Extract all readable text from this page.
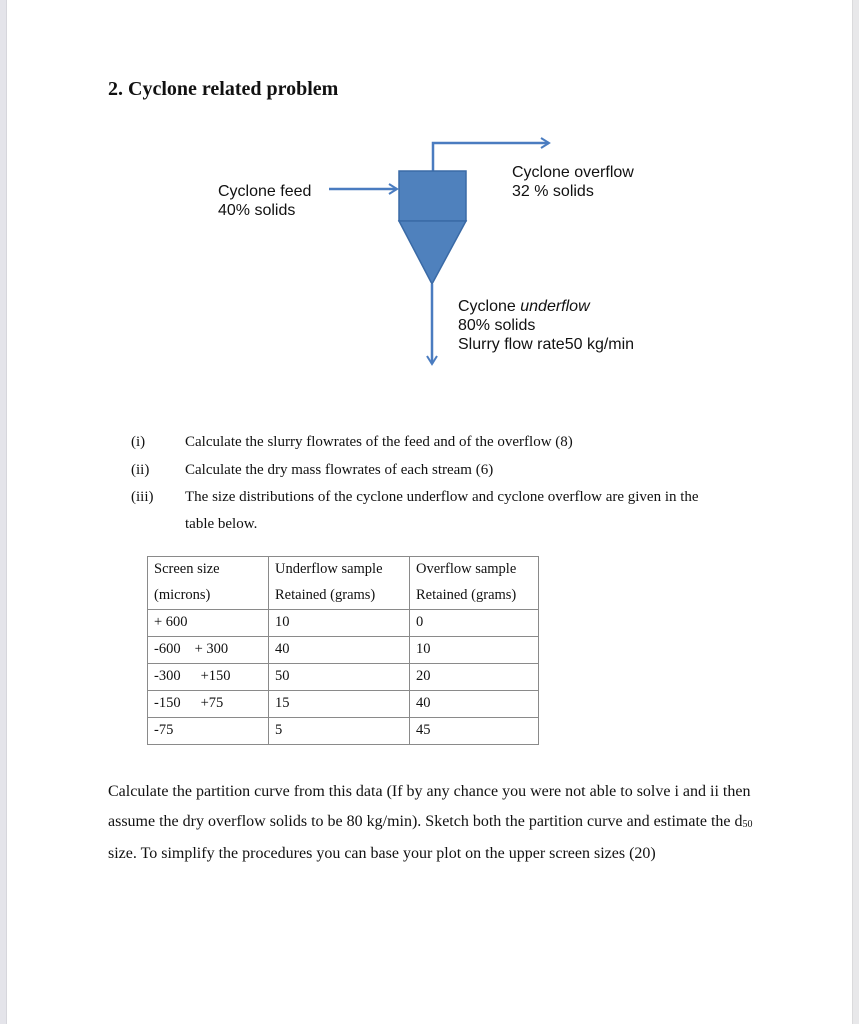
2. Cyclone related problem
Cyclone feed
40% solids
Cyclone overflow
32 % solids
Cyclone underflow
80% solids
Slurry flow rate50 kg/min
(i)	Calculate the slurry flowrates of the feed and of the overflow (8)
(ii) Calculate the dry mass flowrates of each stream (6)
(iii) The size distributions of the cyclone underflow and cyclone overflow are given in the
table below.
Screen size	Underflow sample	Overflow sample
(microns)	Retained (grams)	Retained (grams)
+ 600	10	0
-600 + 300	40	10
-300 +150	50	20
-150 +75	15	40
-75	5	45
Calculate the partition curve from this data (If by any chance you were not able to solve i and ii then assume the dry overflow solids to be 80 kg/min). Sketch both the partition curve and estimate the $d_{50}$ size. To simplify the procedures you can base your plot on the upper screen sizes (20)
